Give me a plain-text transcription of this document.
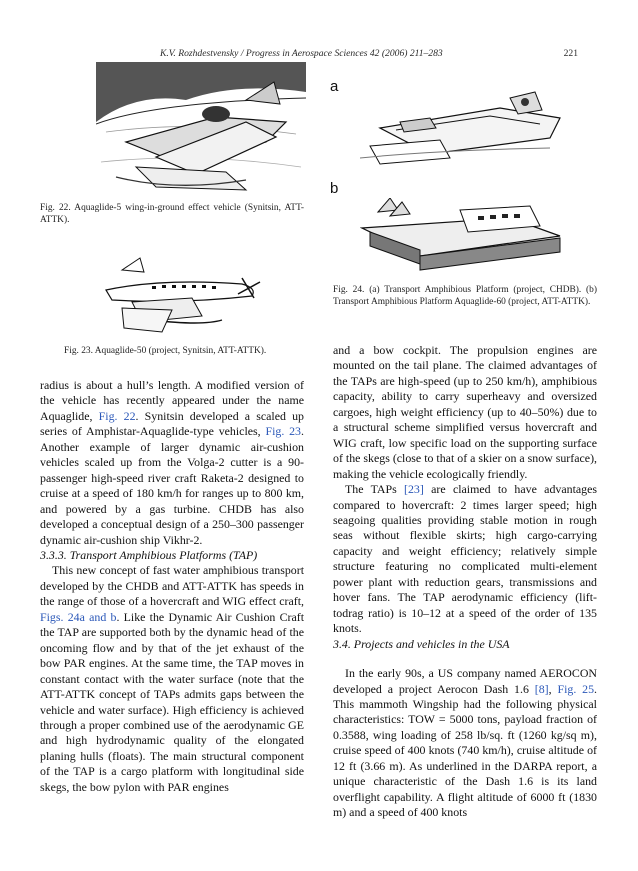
K.V. Rozhdestvensky / Progress in Aerospace Sciences 42 (2006) 211–283	221
Fig. 22. Aquaglide-5 wing-in-ground effect vehicle (Synitsin, ATT-ATTK).
Fig. 23. Aquaglide-50 (project, Synitsin, ATT-ATTK).
a
b
Fig. 24. (a) Transport Amphibious Platform (project, CHDB). (b) Transport Amphibious Platform Aquaglide-60 (project, ATT-ATTK).

radius is about a hull’s length. A modified version of the vehicle has recently appeared under the name Aquaglide, Fig. 22. Synitsin developed a scaled up series of Amphistar-Aquaglide-type vehicles, Fig. 23. Another example of larger dynamic air-cushion vehicles scaled up from the Volga-2 cutter is a 90-passenger high-speed river craft Raketa-2 designed to cruise at a speed of 180 km/h for ranges up to 800 km, and powered by a gas turbine. CHDB has also developed a conceptual design of a 250–300 passenger dynamic air-cushion ship Vikhr-2.

3.3.3. Transport Amphibious Platforms (TAP)

This new concept of fast water amphibious transport developed by the CHDB and ATT-ATTK has speeds in the range of those of a hovercraft and WIG effect craft, Figs. 24a and b. Like the Dynamic Air Cushion Craft the TAP are supported both by the dynamic head of the oncoming flow and by that of the jet exhaust of the bow PAR engines. At the same time, the TAP moves in constant contact with the water surface (note that the ATT-ATTK concept of TAPs admits gaps between the vehicle and water surface). High efficiency is achieved through a proper combined use of the aerodynamic GE and high hydrodynamic quality of the elongated planing hulls (floats). The main structural component of the TAP is a cargo platform with longitudinal side skegs, the bow pylon with PAR engines

and a bow cockpit. The propulsion engines are mounted on the tail plane. The claimed advantages of the TAPs are high-speed (up to 250 km/h), amphibious capacity, ability to carry superheavy and oversized cargoes, high weight efficiency (up to 40–50%) due to a structural scheme simplified versus hovercraft and WIG craft, low specific load on the supporting surface of the skegs (close to that of a skier on a snow surface), making the vehicle ecologically friendly.

The TAPs [23] are claimed to have advantages compared to hovercraft: 2 times larger speed; high seagoing qualities providing stable motion in rough seas without flexible skirts; high cargo-carrying capacity and weight efficiency; relatively simple structure featuring no complicated multi-element power plant with reduction gears, transmissions and hover fans. The TAP aerodynamic efficiency (lift-todrag ratio) is 10–12 at a speed of the order of 135 knots.

3.4. Projects and vehicles in the USA

In the early 90s, a US company named AEROCON developed a project Aerocon Dash 1.6 [8], Fig. 25. This mammoth Wingship had the following physical characteristics: TOW = 5000 tons, payload fraction of 0.3588, wing loading of 258 lb/sq. ft (1260 kg/sq m), cruise speed of 400 knots (740 km/h), cruise altitude of 12 ft (3.66 m). As underlined in the DARPA report, a unique characteristic of the Dash 1.6 is its land overflight capability. A flight altitude of 6000 ft (1830 m) and a speed of 400 knots
